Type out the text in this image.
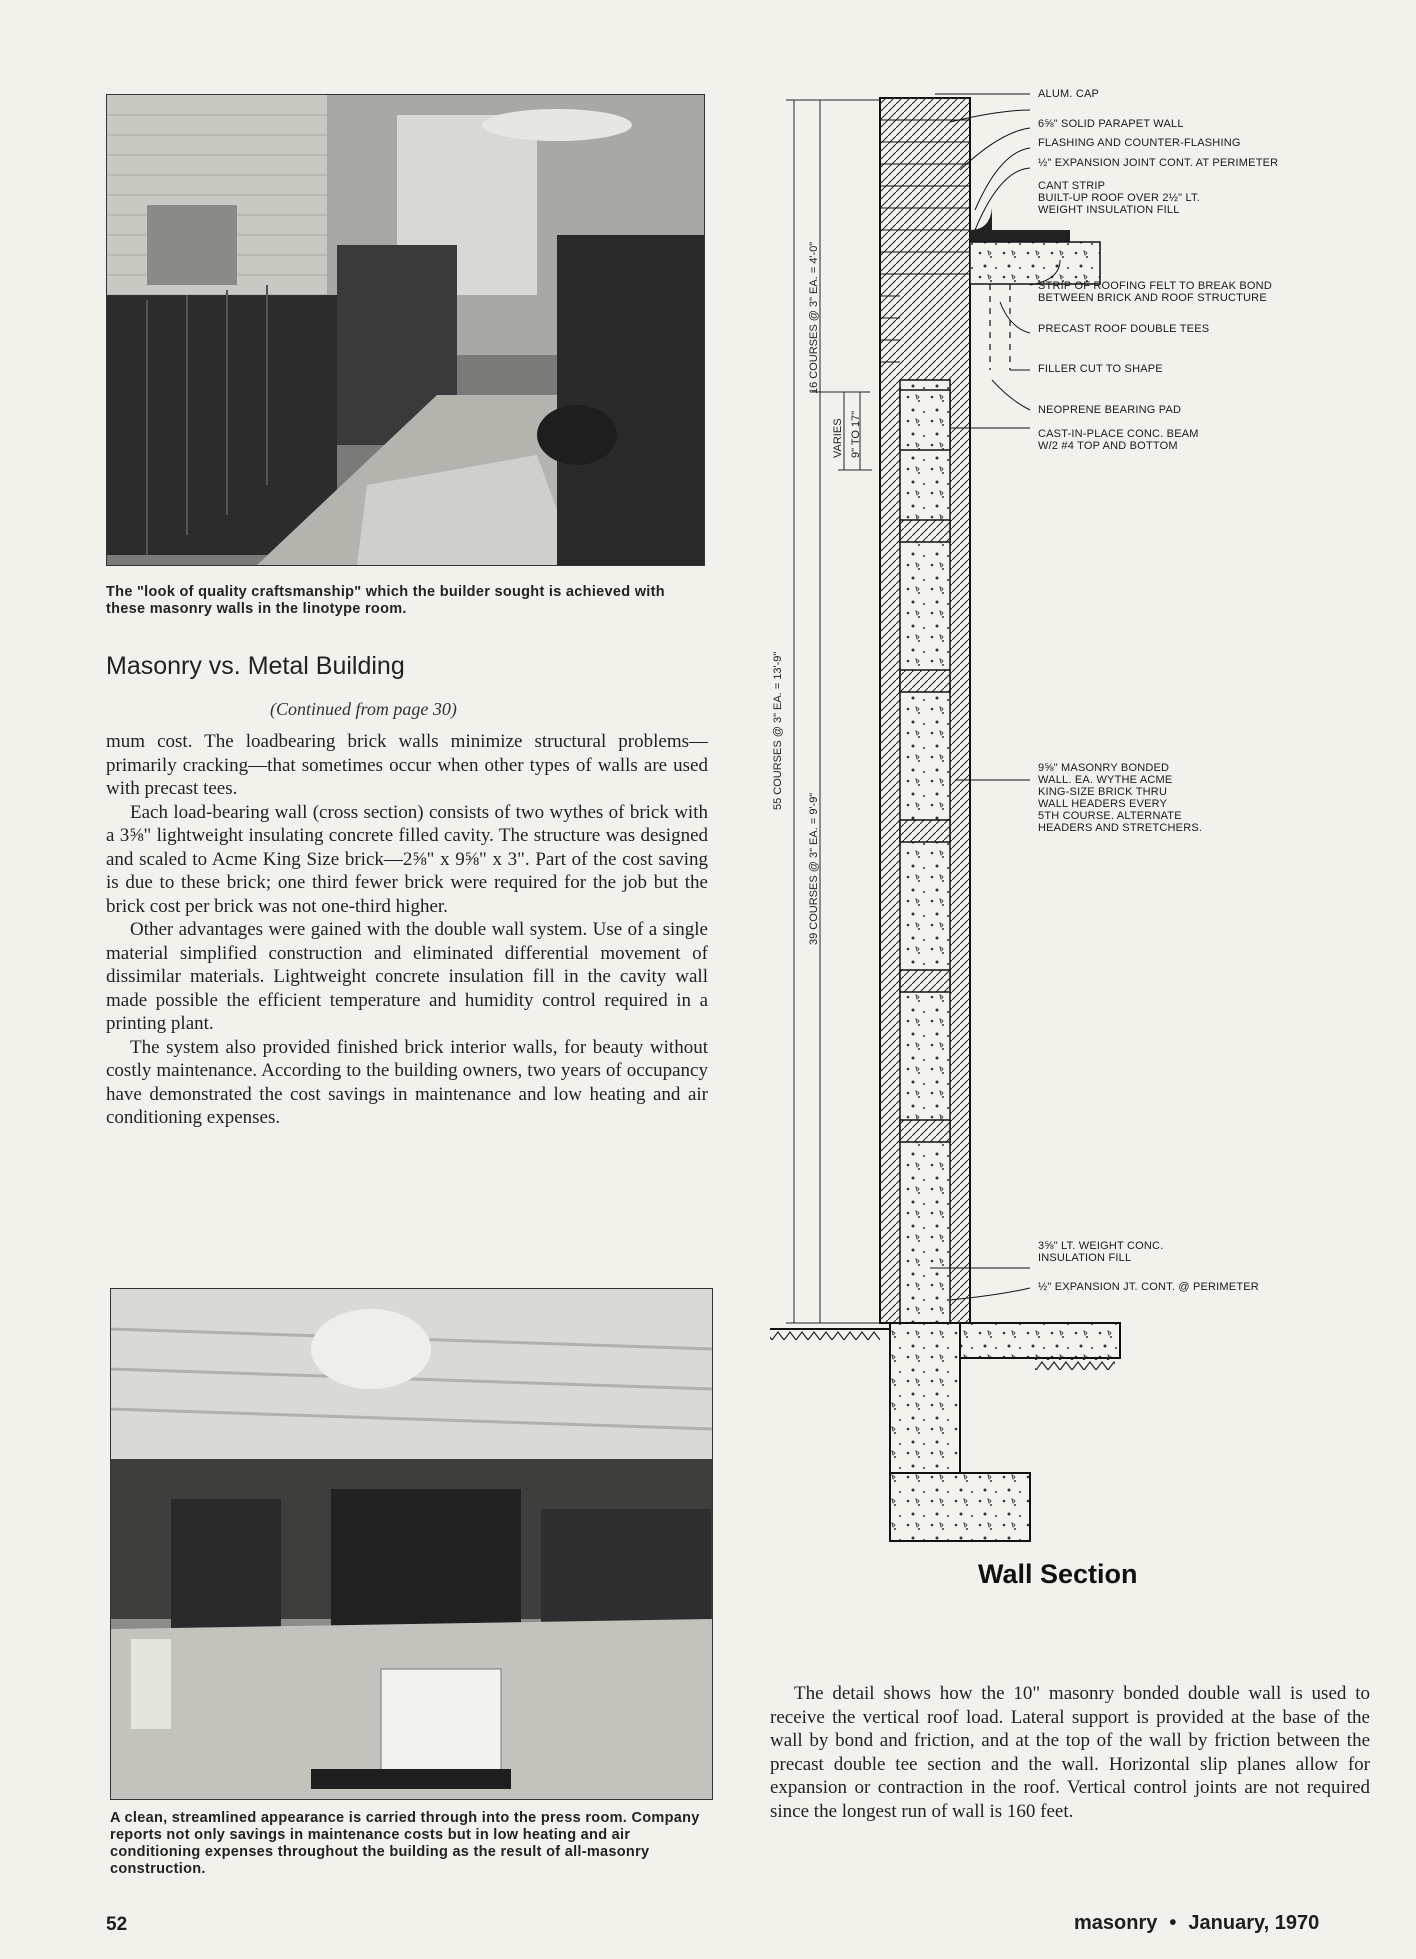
The "look of quality craftsmanship" which the builder sought is achieved with these masonry walls in the linotype room.
Masonry vs. Metal Building
(Continued from page 30)

mum cost. The loadbearing brick walls minimize structural problems—primarily cracking—that sometimes occur when other types of walls are used with precast tees.

Each load-bearing wall (cross section) consists of two wythes of brick with a 3⅝" lightweight insulating concrete filled cavity. The structure was designed and scaled to Acme King Size brick—2⅝" x 9⅝" x 3". Part of the cost saving is due to these brick; one third fewer brick were required for the job but the brick cost per brick was not one-third higher.

Other advantages were gained with the double wall system. Use of a single material simplified construction and eliminated differential movement of dissimilar materials. Lightweight concrete insulation fill in the cavity wall made possible the efficient temperature and humidity control required in a printing plant.

The system also provided finished brick interior walls, for beauty without costly maintenance. According to the building owners, two years of occupancy have demonstrated the cost savings in maintenance and low heating and air conditioning expenses.

A clean, streamlined appearance is carried through into the press room. Company reports not only savings in maintenance costs but in low heating and air conditioning expenses throughout the building as the result of all-masonry construction.
55 COURSES @ 3" EA. = 13'-9"
16 COURSES @ 3" EA. = 4'-0"
39 COURSES @ 3" EA. = 9'-9"
VARIES 9" TO 17"
ALUM. CAP
6⅝" SOLID PARAPET WALL
FLASHING AND COUNTER-FLASHING
½" EXPANSION JOINT CONT. AT PERIMETER
CANT STRIP
BUILT-UP ROOF OVER 2½" LT.
WEIGHT INSULATION FILL
STRIP OF ROOFING FELT TO BREAK BOND
BETWEEN BRICK AND ROOF STRUCTURE
PRECAST ROOF DOUBLE TEES
FILLER CUT TO SHAPE
NEOPRENE BEARING PAD
CAST-IN-PLACE CONC. BEAM
W/2 #4 TOP AND BOTTOM
9⅝" MASONRY BONDED
WALL. EA. WYTHE ACME
KING-SIZE BRICK THRU
WALL HEADERS EVERY
5TH COURSE. ALTERNATE
HEADERS AND STRETCHERS.
3⅝" LT. WEIGHT CONC.
INSULATION FILL
½" EXPANSION JT. CONT. @ PERIMETER
Wall Section
The detail shows how the 10" masonry bonded double wall is used to receive the vertical roof load. Lateral support is provided at the base of the wall by bond and friction, and at the top of the wall by friction between the precast double tee section and the wall. Horizontal slip planes allow for expansion or contraction in the roof. Vertical control joints are not required since the longest run of wall is 160 feet.
52	masonry • January, 1970
